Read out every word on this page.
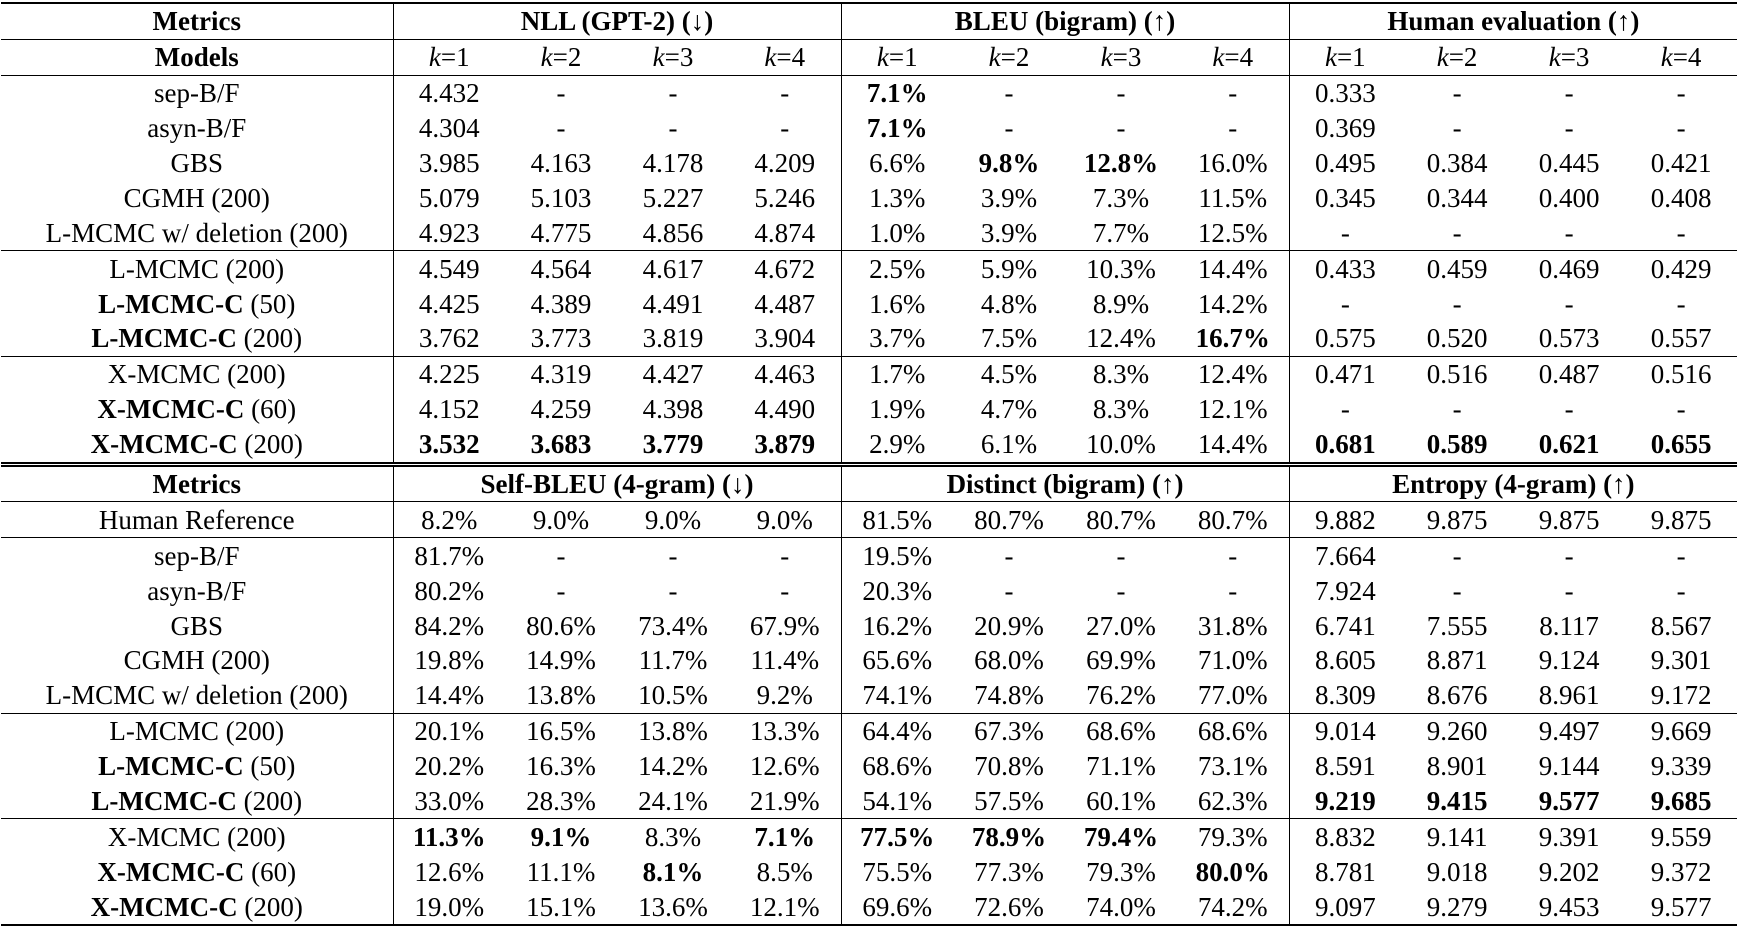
Metrics	NLL (GPT-2) (↓)				BLEU (bigram) (↑)				Human evaluation (↑)			
Models	k=1	k=2	k=3	k=4	k=1	k=2	k=3	k=4	k=1	k=2	k=3	k=4
sep-B/F	4.432	-	-	-	7.1%	-	-	-	0.333	-	-	-
asyn-B/F	4.304	-	-	-	7.1%	-	-	-	0.369	-	-	-
GBS	3.985	4.163	4.178	4.209	6.6%	9.8%	12.8%	16.0%	0.495	0.384	0.445	0.421
CGMH (200)	5.079	5.103	5.227	5.246	1.3%	3.9%	7.3%	11.5%	0.345	0.344	0.400	0.408
L-MCMC w/ deletion (200)	4.923	4.775	4.856	4.874	1.0%	3.9%	7.7%	12.5%	-	-	-	-
L-MCMC (200)	4.549	4.564	4.617	4.672	2.5%	5.9%	10.3%	14.4%	0.433	0.459	0.469	0.429
L-MCMC-C (50)	4.425	4.389	4.491	4.487	1.6%	4.8%	8.9%	14.2%	-	-	-	-
L-MCMC-C (200)	3.762	3.773	3.819	3.904	3.7%	7.5%	12.4%	16.7%	0.575	0.520	0.573	0.557
X-MCMC (200)	4.225	4.319	4.427	4.463	1.7%	4.5%	8.3%	12.4%	0.471	0.516	0.487	0.516
X-MCMC-C (60)	4.152	4.259	4.398	4.490	1.9%	4.7%	8.3%	12.1%	-	-	-	-
X-MCMC-C (200)	3.532	3.683	3.779	3.879	2.9%	6.1%	10.0%	14.4%	0.681	0.589	0.621	0.655
Metrics	Self-BLEU (4-gram) (↓)				Distinct (bigram) (↑)				Entropy (4-gram) (↑)			
Human Reference	8.2%	9.0%	9.0%	9.0%	81.5%	80.7%	80.7%	80.7%	9.882	9.875	9.875	9.875
sep-B/F	81.7%	-	-	-	19.5%	-	-	-	7.664	-	-	-
asyn-B/F	80.2%	-	-	-	20.3%	-	-	-	7.924	-	-	-
GBS	84.2%	80.6%	73.4%	67.9%	16.2%	20.9%	27.0%	31.8%	6.741	7.555	8.117	8.567
CGMH (200)	19.8%	14.9%	11.7%	11.4%	65.6%	68.0%	69.9%	71.0%	8.605	8.871	9.124	9.301
L-MCMC w/ deletion (200)	14.4%	13.8%	10.5%	9.2%	74.1%	74.8%	76.2%	77.0%	8.309	8.676	8.961	9.172
L-MCMC (200)	20.1%	16.5%	13.8%	13.3%	64.4%	67.3%	68.6%	68.6%	9.014	9.260	9.497	9.669
L-MCMC-C (50)	20.2%	16.3%	14.2%	12.6%	68.6%	70.8%	71.1%	73.1%	8.591	8.901	9.144	9.339
L-MCMC-C (200)	33.0%	28.3%	24.1%	21.9%	54.1%	57.5%	60.1%	62.3%	9.219	9.415	9.577	9.685
X-MCMC (200)	11.3%	9.1%	8.3%	7.1%	77.5%	78.9%	79.4%	79.3%	8.832	9.141	9.391	9.559
X-MCMC-C (60)	12.6%	11.1%	8.1%	8.5%	75.5%	77.3%	79.3%	80.0%	8.781	9.018	9.202	9.372
X-MCMC-C (200)	19.0%	15.1%	13.6%	12.1%	69.6%	72.6%	74.0%	74.2%	9.097	9.279	9.453	9.577
